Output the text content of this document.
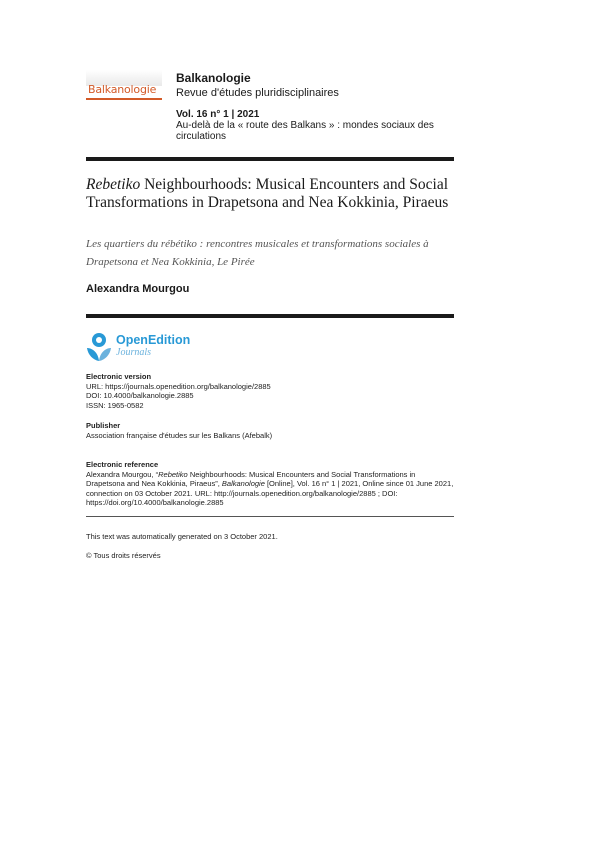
Balkanologie
Balkanologie
Revue d'études pluridisciplinaires
Vol. 16 n° 1 | 2021
Au-delà de la « route des Balkans » : mondes sociaux des circulations
Rebetiko Neighbourhoods: Musical Encounters and Social Transformations in Drapetsona and Nea Kokkinia, Piraeus
Les quartiers du rébétiko : rencontres musicales et transformations sociales à Drapetsona et Nea Kokkinia, Le Pirée
Alexandra Mourgou
OpenEdition
Journals
Electronic version
URL: https://journals.openedition.org/balkanologie/2885
DOI: 10.4000/balkanologie.2885
ISSN: 1965-0582
Publisher
Association française d'études sur les Balkans (Afebalk)
Electronic reference
Alexandra Mourgou, “Rebetiko Neighbourhoods: Musical Encounters and Social Transformations in Drapetsona and Nea Kokkinia, Piraeus”, Balkanologie [Online], Vol. 16 n° 1 | 2021, Online since 01 June 2021, connection on 03 October 2021. URL: http://journals.openedition.org/balkanologie/2885 ; DOI: https://doi.org/10.4000/balkanologie.2885
This text was automatically generated on 3 October 2021.
© Tous droits réservés
